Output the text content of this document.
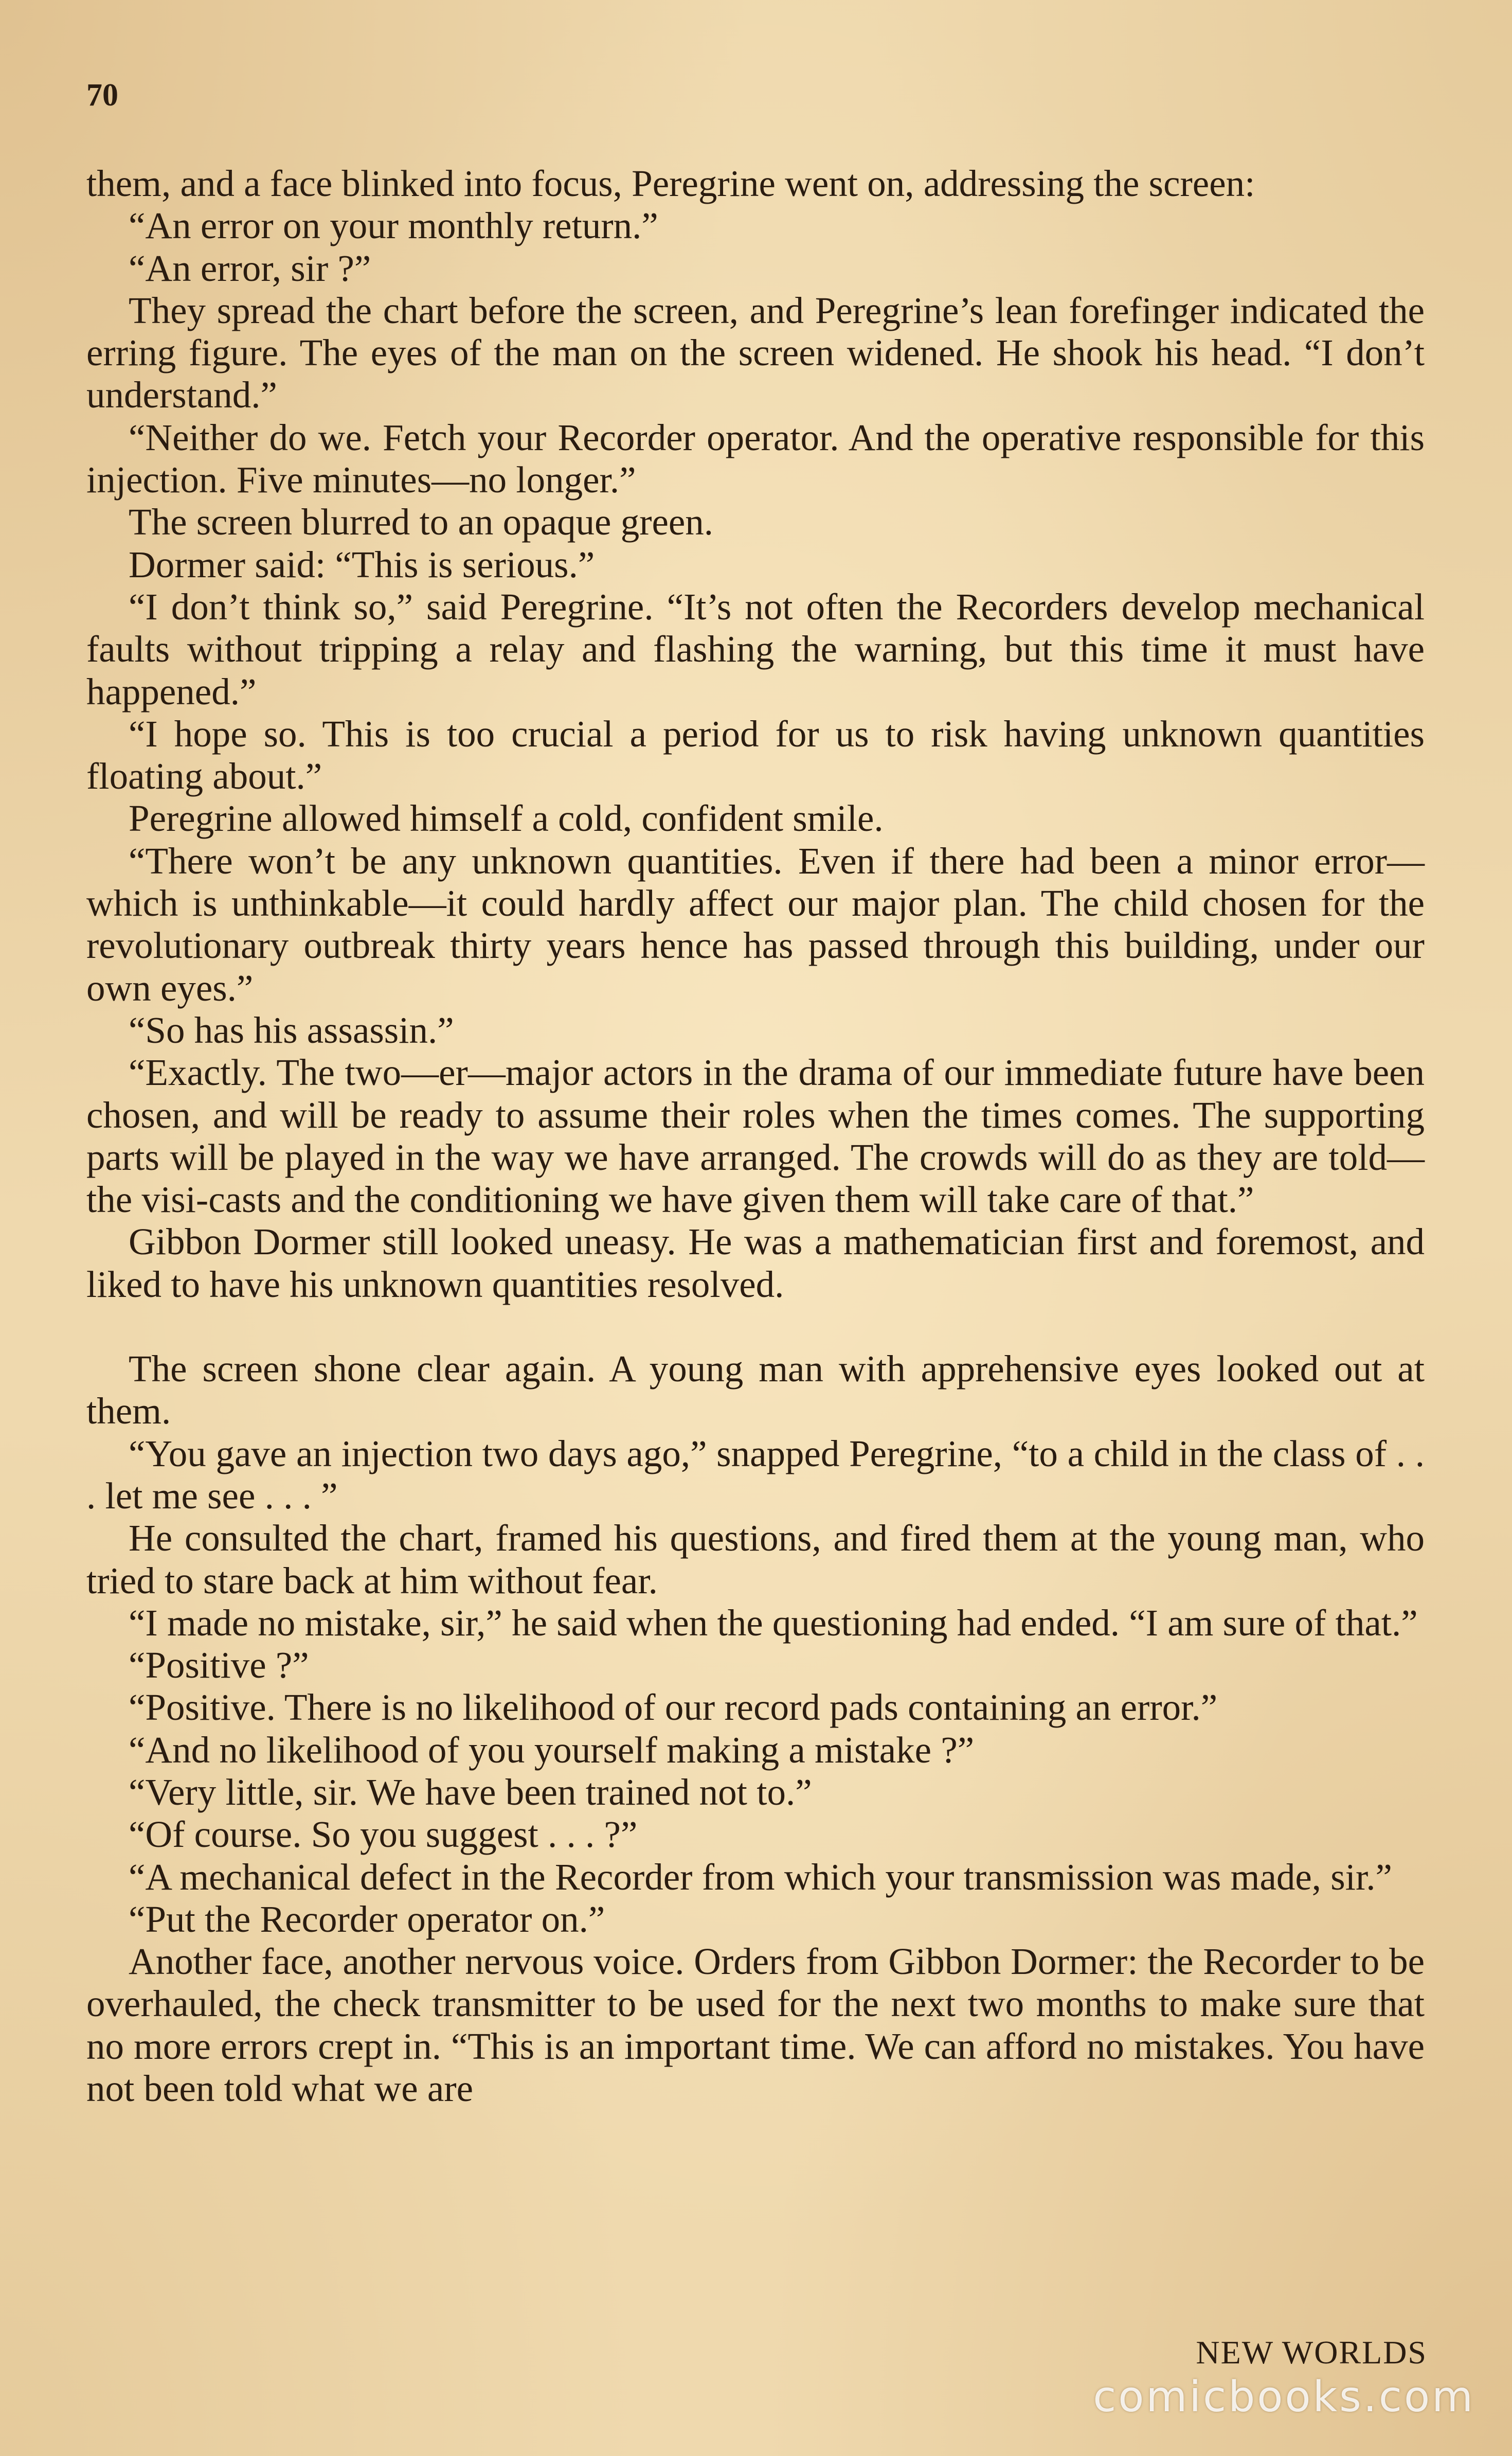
70

them, and a face blinked into focus, Peregrine went on, addressing the screen:

“An error on your monthly return.”

“An error, sir ?”

They spread the chart before the screen, and Peregrine’s lean forefinger indicated the erring figure. The eyes of the man on the screen widened. He shook his head. “I don’t understand.”

“Neither do we. Fetch your Recorder operator. And the operative responsible for this injection. Five minutes—no longer.”

The screen blurred to an opaque green.

Dormer said: “This is serious.”

“I don’t think so,” said Peregrine. “It’s not often the Recorders develop mechanical faults without tripping a relay and flashing the warning, but this time it must have happened.”

“I hope so. This is too crucial a period for us to risk having unknown quantities floating about.”

Peregrine allowed himself a cold, confident smile.

“There won’t be any unknown quantities. Even if there had been a minor error—which is unthinkable—it could hardly affect our major plan. The child chosen for the revolutionary outbreak thirty years hence has passed through this building, under our own eyes.”

“So has his assassin.”

“Exactly. The two—er—major actors in the drama of our immediate future have been chosen, and will be ready to assume their roles when the times comes. The supporting parts will be played in the way we have arranged. The crowds will do as they are told—the visi-casts and the conditioning we have given them will take care of that.”

Gibbon Dormer still looked uneasy. He was a mathematician first and foremost, and liked to have his unknown quantities resolved.

The screen shone clear again. A young man with apprehensive eyes looked out at them.

“You gave an injection two days ago,” snapped Peregrine, “to a child in the class of . . . let me see . . . ”

He consulted the chart, framed his questions, and fired them at the young man, who tried to stare back at him without fear.

“I made no mistake, sir,” he said when the questioning had ended. “I am sure of that.”

“Positive ?”

“Positive. There is no likelihood of our record pads containing an error.”

“And no likelihood of you yourself making a mistake ?”

“Very little, sir. We have been trained not to.”

“Of course. So you suggest . . . ?”

“A mechanical defect in the Recorder from which your transmission was made, sir.”

“Put the Recorder operator on.”

Another face, another nervous voice. Orders from Gibbon Dormer: the Recorder to be overhauled, the check transmitter to be used for the next two months to make sure that no more errors crept in. “This is an important time. We can afford no mistakes. You have not been told what we are

NEW WORLDS
comicbooks.com
